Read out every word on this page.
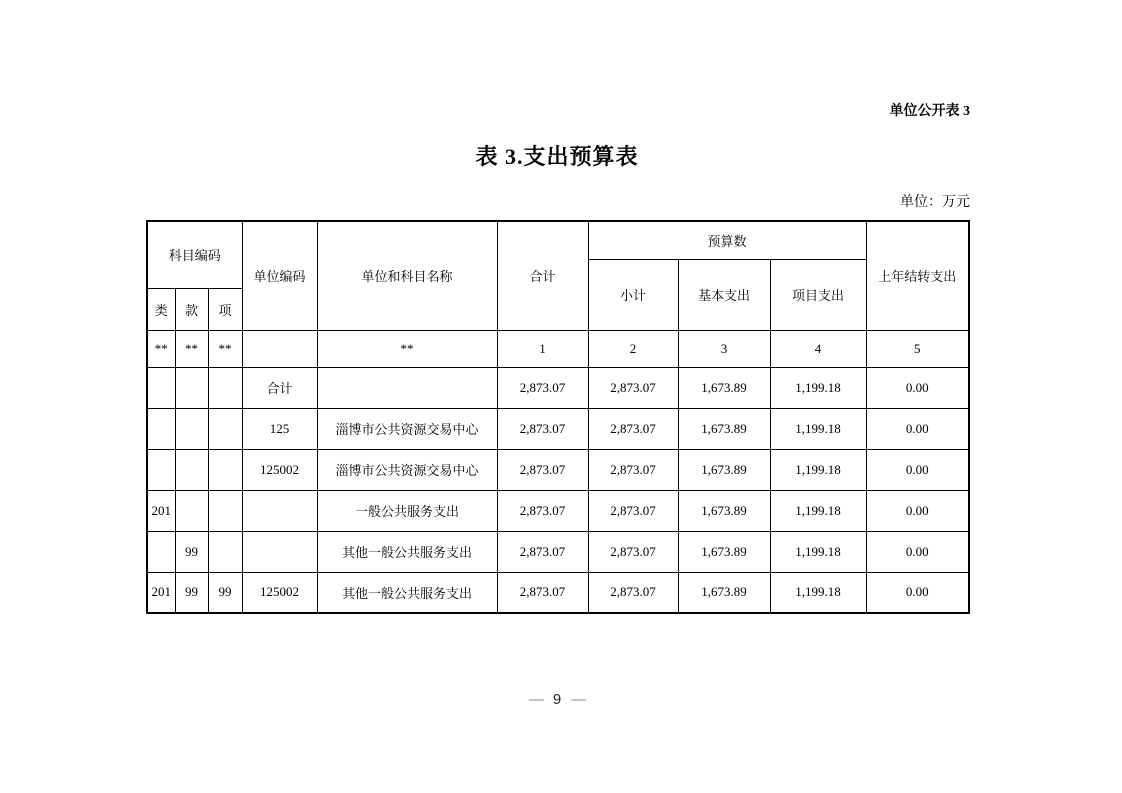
单位公开表 3
表 3.支出预算表
单位：万元
科目编码			单位编码	单位和科目名称	合计	预算数			上年结转支出
						小计	基本支出	项目支出	
类	款	项							
**	**	**		**	1	2	3	4	5
			合计		2,873.07	2,873.07	1,673.89	1,199.18	0.00
			125	淄博市公共资源交易中心	2,873.07	2,873.07	1,673.89	1,199.18	0.00
			125002	淄博市公共资源交易中心	2,873.07	2,873.07	1,673.89	1,199.18	0.00
201				一般公共服务支出	2,873.07	2,873.07	1,673.89	1,199.18	0.00
	99			其他一般公共服务支出	2,873.07	2,873.07	1,673.89	1,199.18	0.00
201	99	99	125002	其他一般公共服务支出	2,873.07	2,873.07	1,673.89	1,199.18	0.00
— 9 —
